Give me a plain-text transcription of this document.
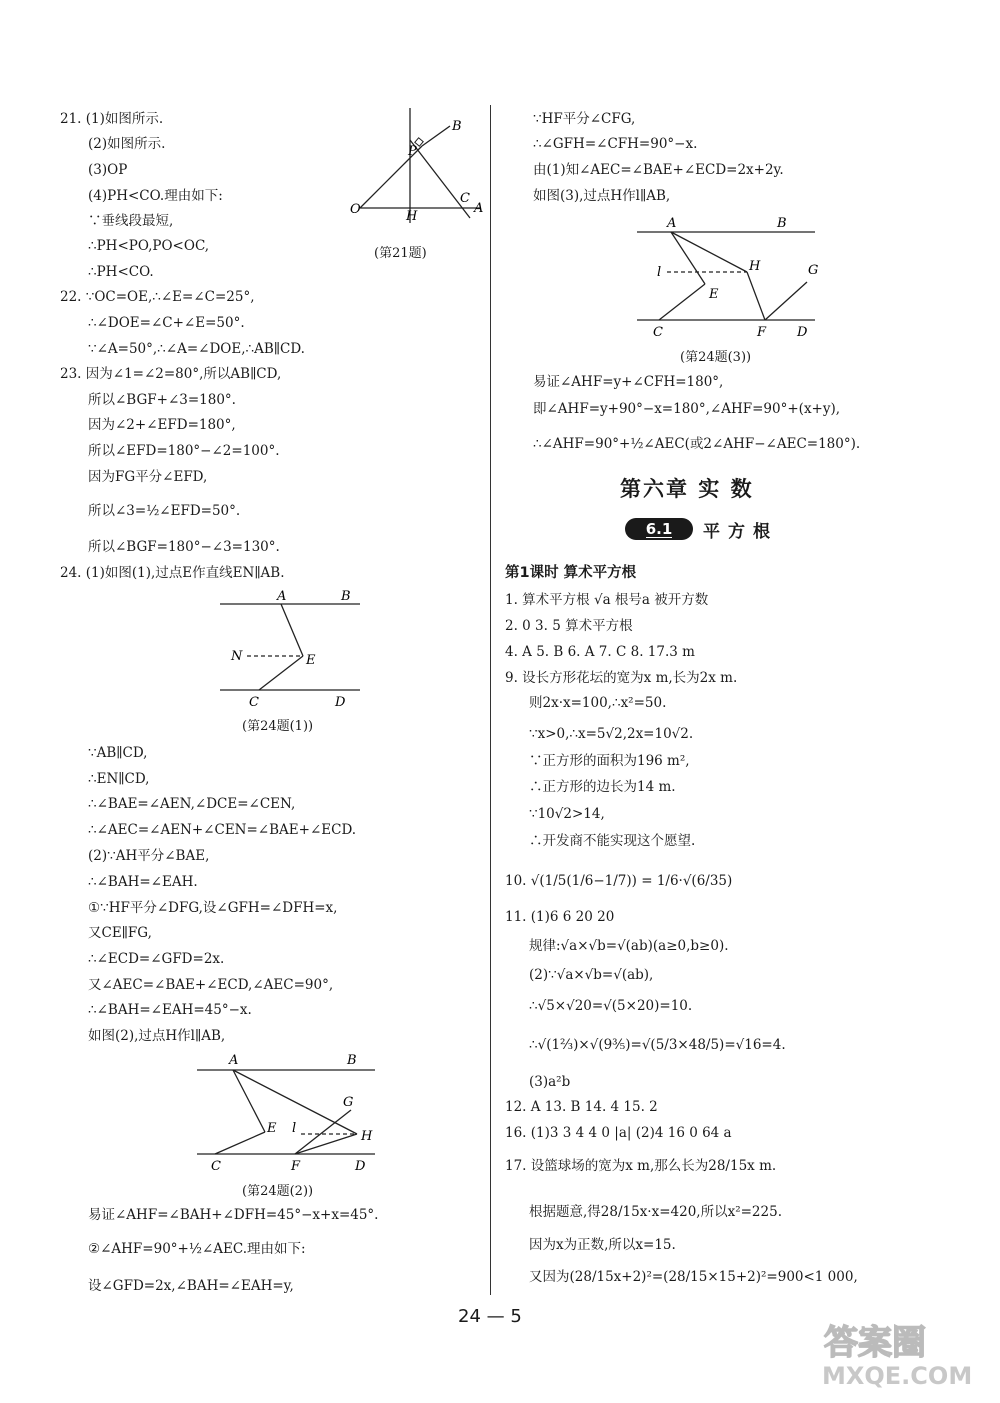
21. (1)如图所示.
(2)如图所示.
(3)OP
(4)PH<CO.理由如下:
∵垂线段最短,
∴PH<PO,PO<OC,
∴PH<CO.
22. ∵OC=OE,∴∠E=∠C=25°,
∴∠DOE=∠C+∠E=50°.
∵∠A=50°,∴∠A=∠DOE,∴AB∥CD.
23. 因为∠1=∠2=80°,所以AB∥CD,
所以∠BGF+∠3=180°.
因为∠2+∠EFD=180°,
所以∠EFD=180°−∠2=100°.
因为FG平分∠EFD,
所以∠3=½∠EFD=50°.
所以∠BGF=180°−∠3=130°.
24. (1)如图(1),过点E作直线EN∥AB.
∵AB∥CD,
∴EN∥CD,
∴∠BAE=∠AEN,∠DCE=∠CEN,
∴∠AEC=∠AEN+∠CEN=∠BAE+∠ECD.
(2)∵AH平分∠BAE,
∴∠BAH=∠EAH.
①∵HF平分∠DFG,设∠GFH=∠DFH=x,
又CE∥FG,
∴∠ECD=∠GFD=2x.
又∠AEC=∠BAE+∠ECD,∠AEC=90°,
∴∠BAH=∠EAH=45°−x.
如图(2),过点H作l∥AB,
易证∠AHF=∠BAH+∠DFH=45°−x+x=45°.
②∠AHF=90°+½∠AEC.理由如下:
设∠GFD=2x,∠BAH=∠EAH=y,
∵HF平分∠CFG,
∴∠GFH=∠CFH=90°−x.
由(1)知∠AEC=∠BAE+∠ECD=2x+2y.
如图(3),过点H作l∥AB,
易证∠AHF=y+∠CFH=180°,
即∠AHF=y+90°−x=180°,∠AHF=90°+(x+y),
∴∠AHF=90°+½∠AEC(或2∠AHF−∠AEC=180°).
1. 算术平方根 √a 根号a 被开方数
2. 0 3. 5 算术平方根
4. A 5. B 6. A 7. C 8. 17.3 m
9. 设长方形花坛的宽为x m,长为2x m.
则2x·x=100,∴x²=50.
∵x>0,∴x=5√2,2x=10√2.
∵正方形的面积为196 m²,
∴正方形的边长为14 m.
∵10√2>14,
∴开发商不能实现这个愿望.
10. √(1/5(1/6−1/7)) = 1/6·√(6/35)
11. (1)6 6 20 20
规律:√a×√b=√(ab)(a≥0,b≥0).
(2)∵√a×√b=√(ab),
∴√5×√20=√(5×20)=10.
∴√(1⅔)×√(9⅗)=√(5/3×48/5)=√16=4.
(3)a²b
12. A 13. B 14. 4 15. 2
16. (1)3 3 4 4 0 |a| (2)4 16 0 64 a
17. 设篮球场的宽为x m,那么长为28/15x m.
根据题意,得28/15x·x=420,所以x²=225.
因为x为正数,所以x=15.
又因为(28/15x+2)²=(28/15×15+2)²=900<1 000,
O	H
P
B
C
A
(第21题)
A	B
N	E
C	D
(第24题(1))
A	B
E l
G
H
C	F	D
(第24题(2))
A	B
l	H	G
E
C	F D
(第24题(3))
第六章 实 数
6.1	平方根
第1课时 算术平方根
24 — 5
答案圈
MXQE.COM
